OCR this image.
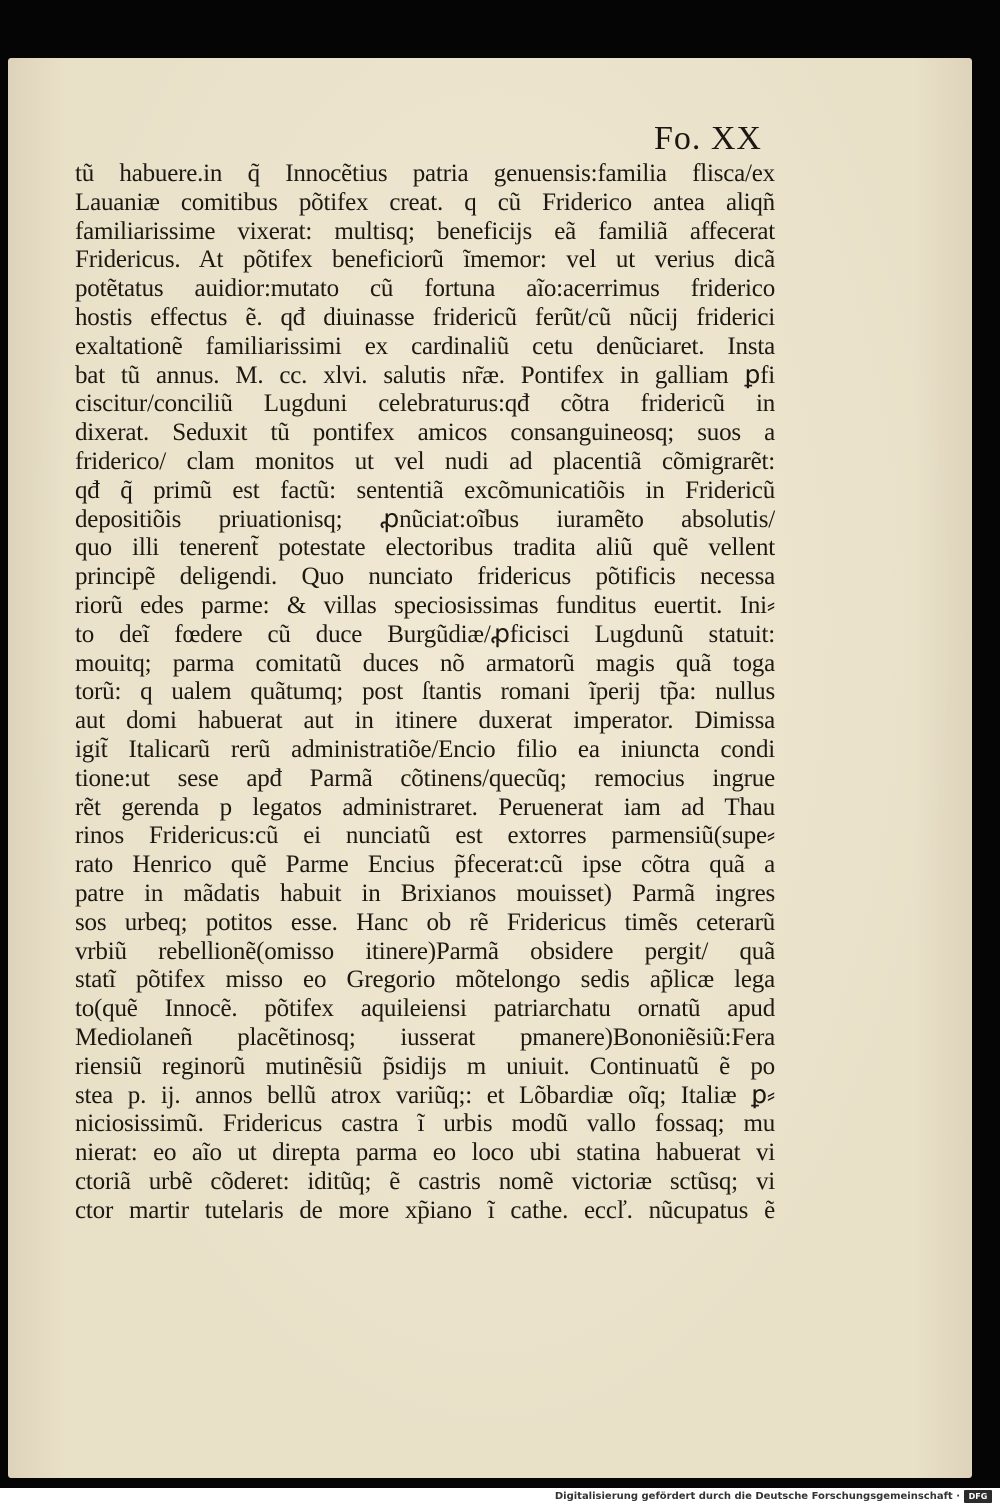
Fo. XX
tũ habuere.in q̃ Innocẽtius patria genuensis:familia flisca/ex
Lauaniæ comitibus põtifex creat. q cũ Friderico antea aliqñ
familiarissime vixerat: multisq; beneficijs eã familiã affecerat
Fridericus. At põtifex beneficiorũ ĩmemor: vel ut verius dicã
potẽtatus auidior:mutato cũ fortuna aĩo:acerrimus friderico
hostis effectus ẽ. qđ diuinasse fridericũ ferũt/cũ nũcij friderici
exaltationẽ familiarissimi ex cardinaliũ cetu denũciaret. Insta
bat tũ annus. M. cc. xlvi. salutis nr̃æ. Pontifex in galliam ꝑfi
ciscitur/conciliũ Lugduni celebraturus:qđ cõtra fridericũ in
dixerat. Seduxit tũ pontifex amicos consanguineosq; suos a
friderico/ clam monitos ut vel nudi ad placentiã cõmigrarẽt:
qđ q̃ primũ est factũ: sententiã excõmunicatiõis in Fridericũ
depositiõis priuationisq; ꝓnũciat:oĩbus iuramẽto absolutis/
quo illi tenerent̃ potestate electoribus tradita aliũ quẽ vellent
principẽ deligendi. Quo nunciato fridericus põtificis necessa
riorũ edes parme: & villas speciosissimas funditus euertit. Ini⸗
to deĩ fœdere cũ duce Burgũdiæ/ꝓficisci Lugdunũ statuit:
mouitq; parma comitatũ duces nõ armatorũ magis quã toga
torũ: q ualem quãtumq; post ſtantis romani ĩperij tp̃a: nullus
aut domi habuerat aut in itinere duxerat imperator. Dimissa
igit̃ Italicarũ rerũ administratiõe/Encio filio ea iniuncta condi
tione:ut sese apđ Parmã cõtinens/quecũq; remocius ingrue
rẽt gerenda p legatos administraret. Peruenerat iam ad Thau
rinos Fridericus:cũ ei nunciatũ est extorres parmensiũ(supe⸗
rato Henrico quẽ Parme Encius p̃fecerat:cũ ipse cõtra quã a
patre in mãdatis habuit in Brixianos mouisset) Parmã ingres
sos urbeq; potitos esse. Hanc ob rẽ Fridericus timẽs ceterarũ
vrbiũ rebellionẽ(omisso itinere)Parmã obsidere pergit/ quã
statĩ põtifex misso eo Gregorio mõtelongo sedis ap̃licæ lega
to(quẽ Innocẽ. põtifex aquileiensi patriarchatu ornatũ apud
Mediolaneñ placẽtinosq; iusserat pmanere)Bononiẽsiũ:Fera
riensiũ reginorũ mutinẽsiũ p̃sidijs m uniuit. Continuatũ ẽ po
stea p. ij. annos bellũ atrox variũq;: et Lõbardiæ oĩq; Italiæ ꝑ⸗
niciosissimũ. Fridericus castra ĩ urbis modũ vallo fossaq; mu
nierat: eo aĩo ut direpta parma eo loco ubi statina habuerat vi
ctoriã urbẽ cõderet: iditũq; ẽ castris nomẽ victoriæ sctũsq; vi
ctor martir tutelaris de more xp̃iano ĩ cathe. eccľ. nũcupatus ẽ
Digitalisierung gefördert durch die Deutsche Forschungsgemeinschaft ·	DFG
